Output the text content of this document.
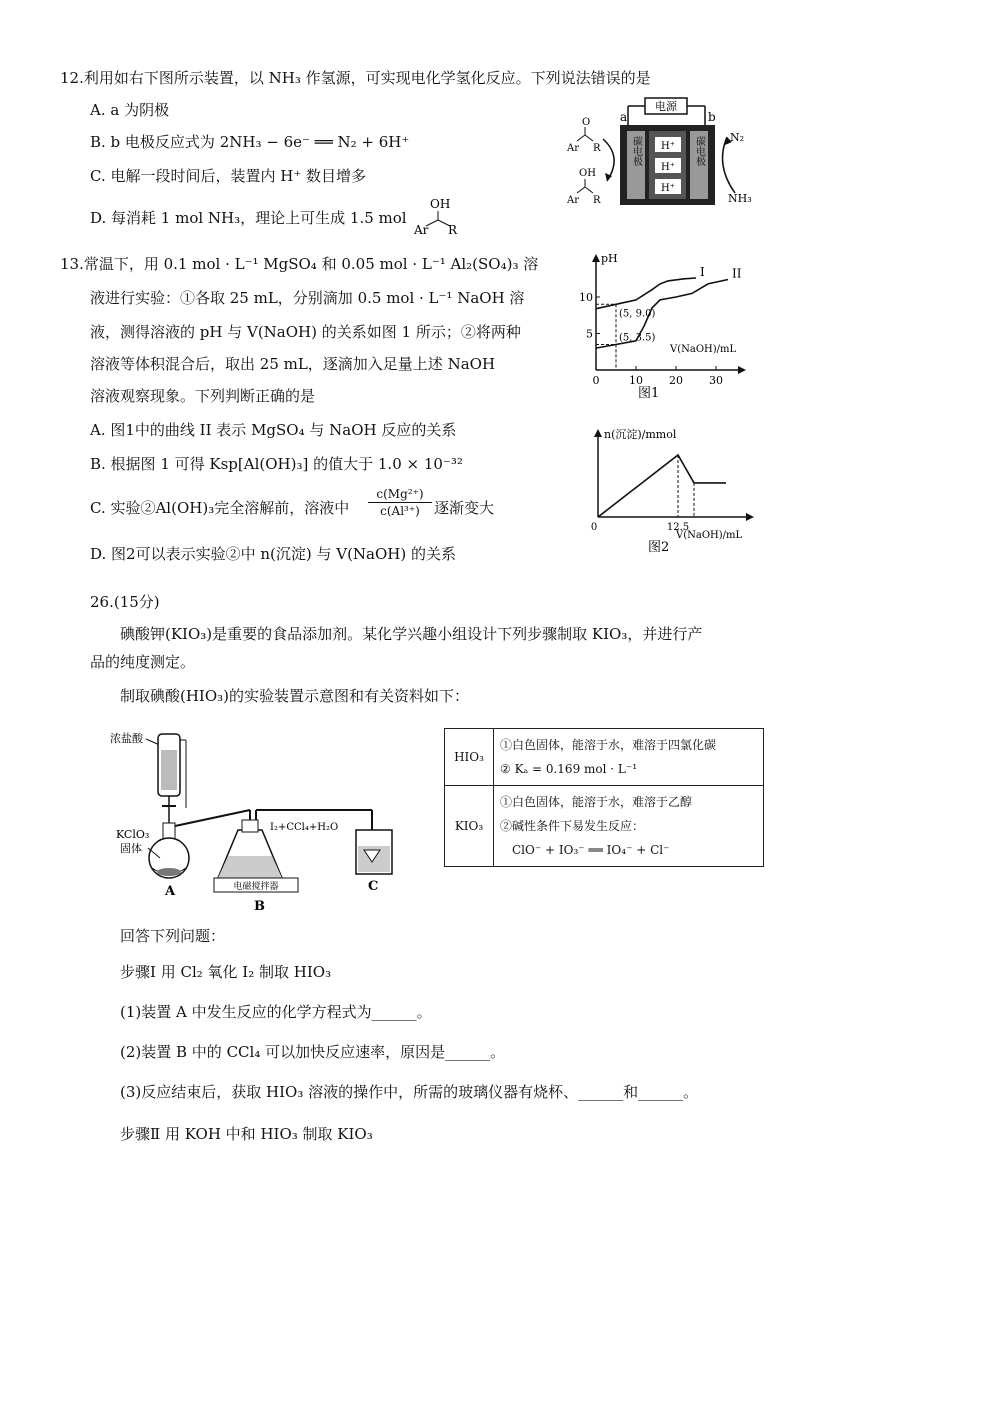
12.利用如右下图所示装置，以 NH₃ 作氢源，可实现电化学氢化反应。下列说法错误的是
A. a 为阴极
B. b 电极反应式为 2NH₃ − 6e⁻ ══ N₂ + 6H⁺
C. 电解一段时间后，装置内 H⁺ 数目增多
D. 每消耗 1 mol NH₃，理论上可生成 1.5 mol
OH
Ar R
电源
a	b
碳电极	碳电极
H⁺
H⁺
H⁺
O
Ar R
OH
Ar R
N₂
NH₃
13.常温下，用 0.1 mol · L⁻¹ MgSO₄ 和 0.05 mol · L⁻¹ Al₂(SO₄)₃ 溶
液进行实验：①各取 25 mL，分别滴加 0.5 mol · L⁻¹ NaOH 溶
液，测得溶液的 pH 与 V(NaOH) 的关系如图 1 所示；②将两种
溶液等体积混合后，取出 25 mL，逐滴加入足量上述 NaOH
溶液观察现象。下列判断正确的是
A. 图1中的曲线 II 表示 MgSO₄ 与 NaOH 反应的关系
B. 根据图 1 可得 Ksp[Al(OH)₃] 的值大于 1.0 × 10⁻³²
C. 实验②Al(OH)₃完全溶解前，溶液中 $\frac{\text{c(Mg²⁺)}}{\text{c(Al³⁺)}}$ 逐渐变大
D. 图2可以表示实验②中 n(沉淀) 与 V(NaOH) 的关系
pH
V(NaOH)/mL
图1
10
5
0	10 20 30
I II
(5, 9.0)
(5, 3.5)
n(沉淀)/mmol
V(NaOH)/mL
图2
0	12.5
26.(15分)
碘酸钾(KIO₃)是重要的食品添加剂。某化学兴趣小组设计下列步骤制取 KIO₃，并进行产
品的纯度测定。
制取碘酸(HIO₃)的实验装置示意图和有关资料如下：
浓盐酸
KClO₃
固体
A
I₂+CCl₄+H₂O
电磁搅拌器
B
C
HIO₃	①白色固体，能溶于水，难溶于四氯化碳
② Kₐ = 0.169 mol · L⁻¹

KIO₃	①白色固体，能溶于水，难溶于乙醇
②碱性条件下易发生反应：
ClO⁻ + IO₃⁻ ══ IO₄⁻ + Cl⁻
回答下列问题：
步骤Ⅰ 用 Cl₂ 氧化 I₂ 制取 HIO₃
(1)装置 A 中发生反应的化学方程式为______。
(2)装置 B 中的 CCl₄ 可以加快反应速率，原因是______。
(3)反应结束后，获取 HIO₃ 溶液的操作中，所需的玻璃仪器有烧杯、______和______。
步骤Ⅱ 用 KOH 中和 HIO₃ 制取 KIO₃
